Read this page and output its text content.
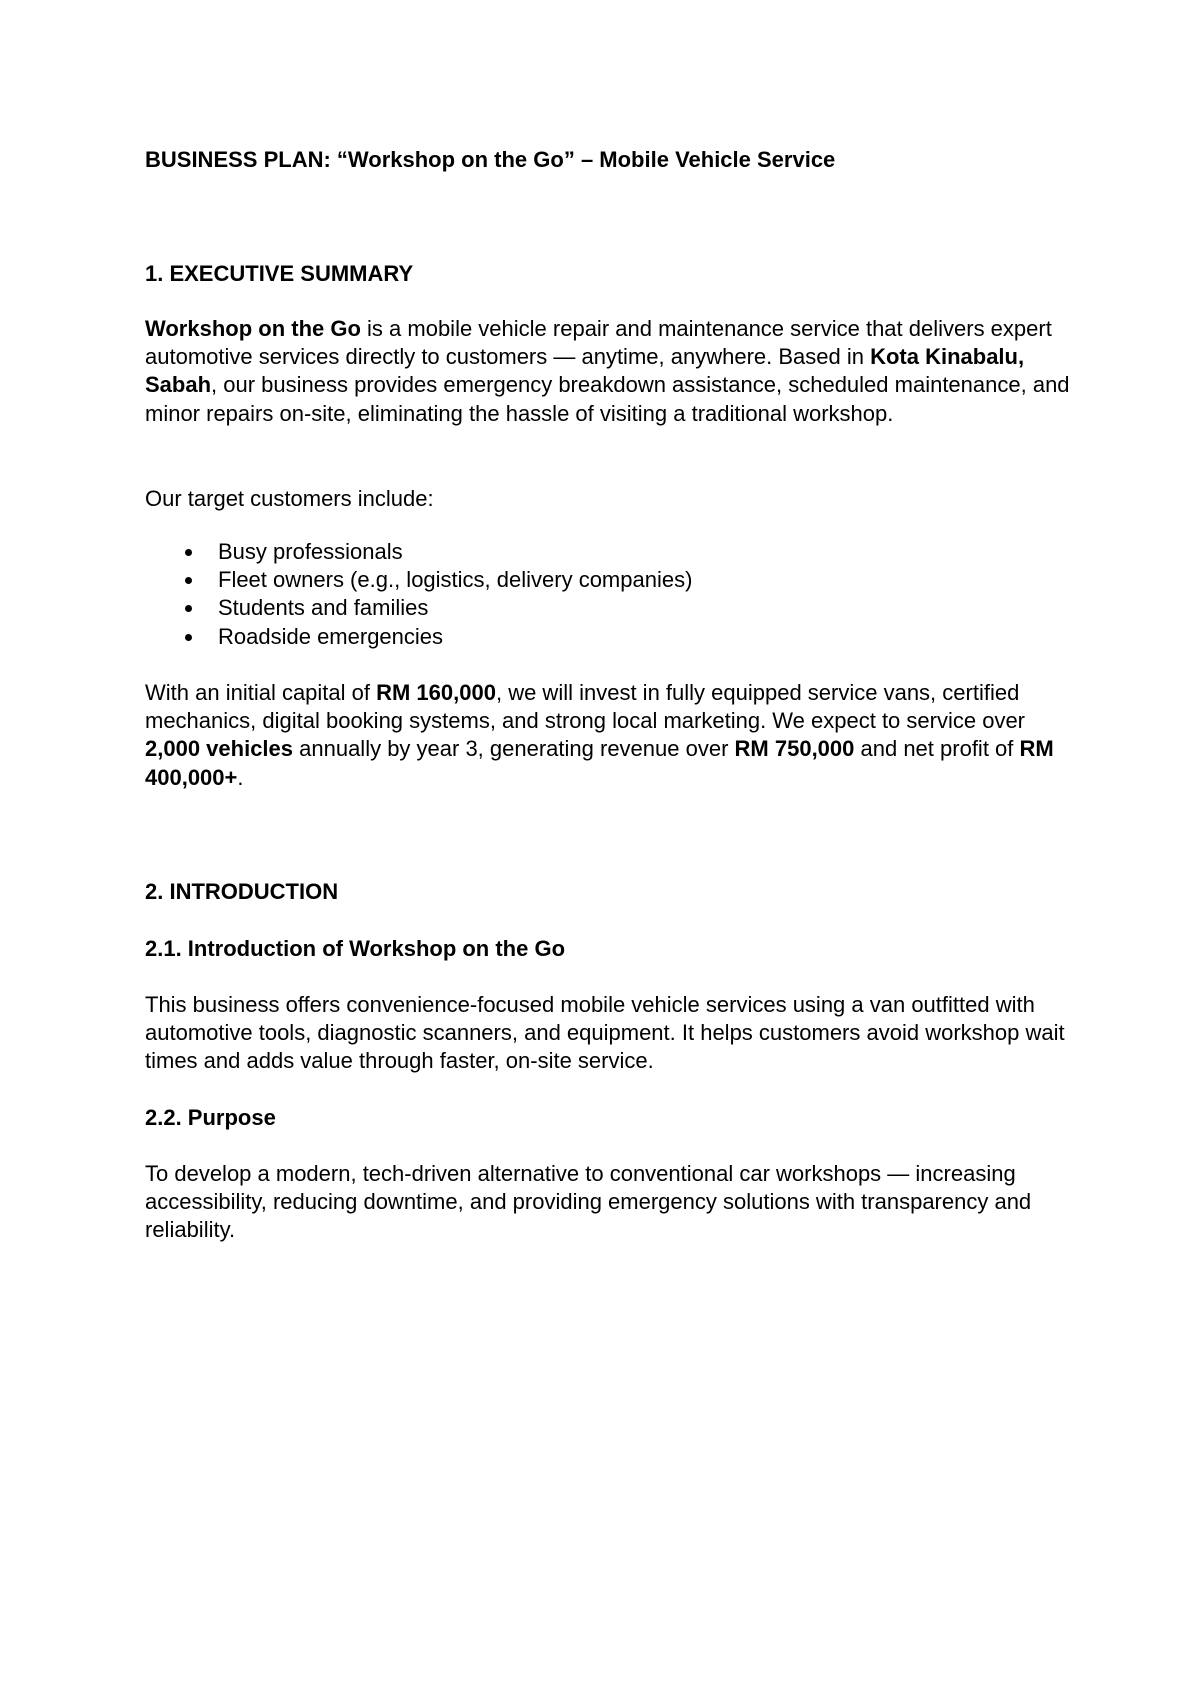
BUSINESS PLAN: “Workshop on the Go” – Mobile Vehicle Service
1. EXECUTIVE SUMMARY

Workshop on the Go is a mobile vehicle repair and maintenance service that delivers expert automotive services directly to customers — anytime, anywhere. Based in Kota Kinabalu, Sabah, our business provides emergency breakdown assistance, scheduled maintenance, and minor repairs on-site, eliminating the hassle of visiting a traditional workshop.

Our target customers include:

Busy professionals
Fleet owners (e.g., logistics, delivery companies)
Students and families
Roadside emergencies

With an initial capital of RM 160,000, we will invest in fully equipped service vans, certified mechanics, digital booking systems, and strong local marketing. We expect to service over 2,000 vehicles annually by year 3, generating revenue over RM 750,000 and net profit of RM 400,000+.

2. INTRODUCTION
2.1. Introduction of Workshop on the Go

This business offers convenience-focused mobile vehicle services using a van outfitted with automotive tools, diagnostic scanners, and equipment. It helps customers avoid workshop wait times and adds value through faster, on-site service.

2.2. Purpose

To develop a modern, tech-driven alternative to conventional car workshops — increasing accessibility, reducing downtime, and providing emergency solutions with transparency and reliability.
